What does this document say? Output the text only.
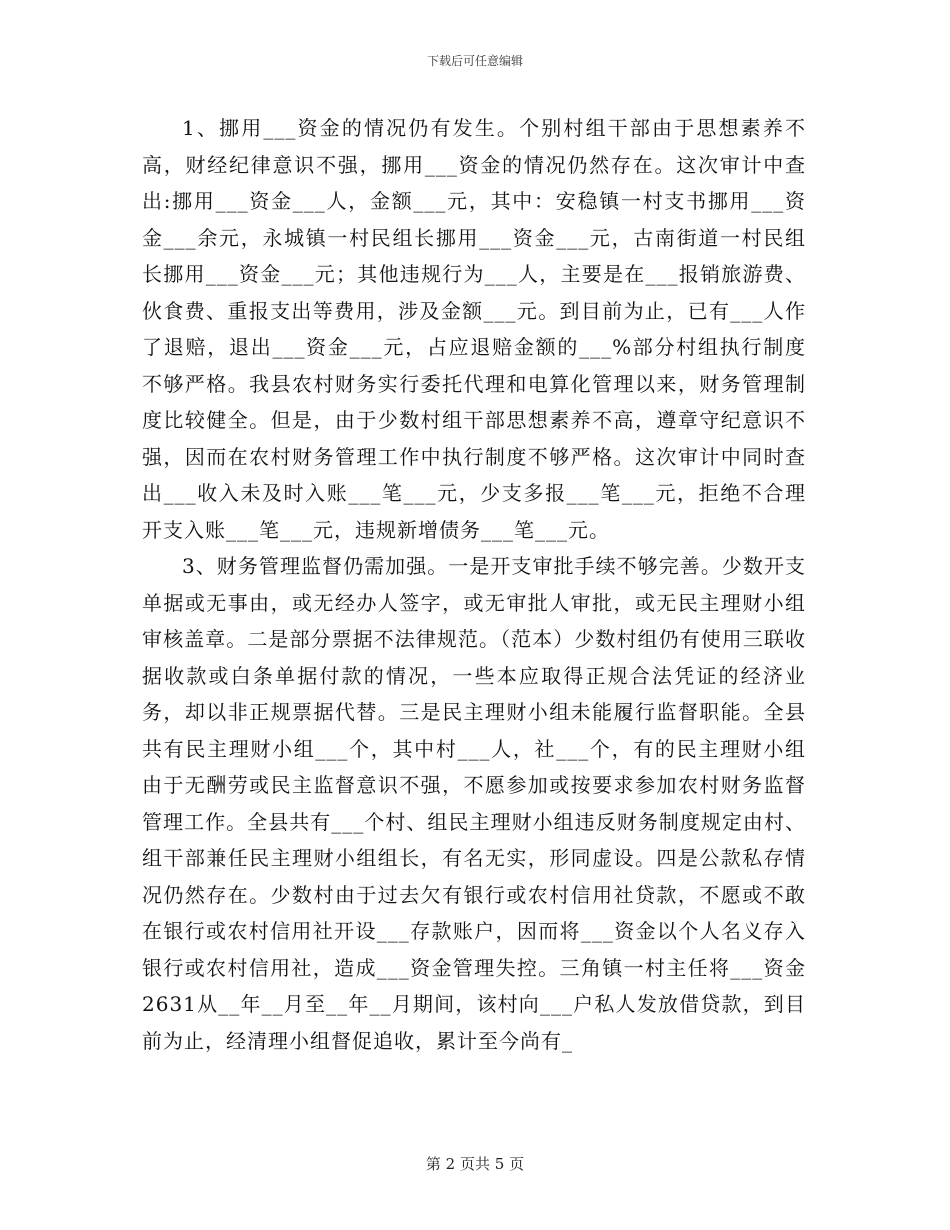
下载后可任意编辑

1、挪用___资金的情况仍有发生。个别村组干部由于思想素养不高，财经纪律意识不强，挪用___资金的情况仍然存在。这次审计中查出:挪用___资金___人，金额___元，其中：安稳镇一村支书挪用___资金___余元，永城镇一村民组长挪用___资金___元，古南街道一村民组长挪用___资金___元；其他违规行为___人，主要是在___报销旅游费、伙食费、重报支出等费用，涉及金额___元。到目前为止，已有___人作了退赔，退出___资金___元，占应退赔金额的___%部分村组执行制度不够严格。我县农村财务实行委托代理和电算化管理以来，财务管理制度比较健全。但是，由于少数村组干部思想素养不高，遵章守纪意识不强，因而在农村财务管理工作中执行制度不够严格。这次审计中同时查出___收入未及时入账___笔___元，少支多报___笔___元，拒绝不合理开支入账___笔___元，违规新增债务___笔___元。

3、财务管理监督仍需加强。一是开支审批手续不够完善。少数开支单据或无事由，或无经办人签字，或无审批人审批，或无民主理财小组审核盖章。二是部分票据不法律规范。（范本）少数村组仍有使用三联收据收款或白条单据付款的情况，一些本应取得正规合法凭证的经济业务，却以非正规票据代替。三是民主理财小组未能履行监督职能。全县共有民主理财小组___个，其中村___人，社___个，有的民主理财小组由于无酬劳或民主监督意识不强，不愿参加或按要求参加农村财务监督管理工作。全县共有___个村、组民主理财小组违反财务制度规定由村、组干部兼任民主理财小组组长，有名无实，形同虚设。四是公款私存情况仍然存在。少数村由于过去欠有银行或农村信用社贷款，不愿或不敢在银行或农村信用社开设___存款账户，因而将___资金以个人名义存入银行或农村信用社，造成___资金管理失控。三角镇一村主任将___资金2631从__年__月至__年__月期间，该村向___户私人发放借贷款，到目前为止，经清理小组督促追收，累计至今尚有_

第 2 页共 5 页
